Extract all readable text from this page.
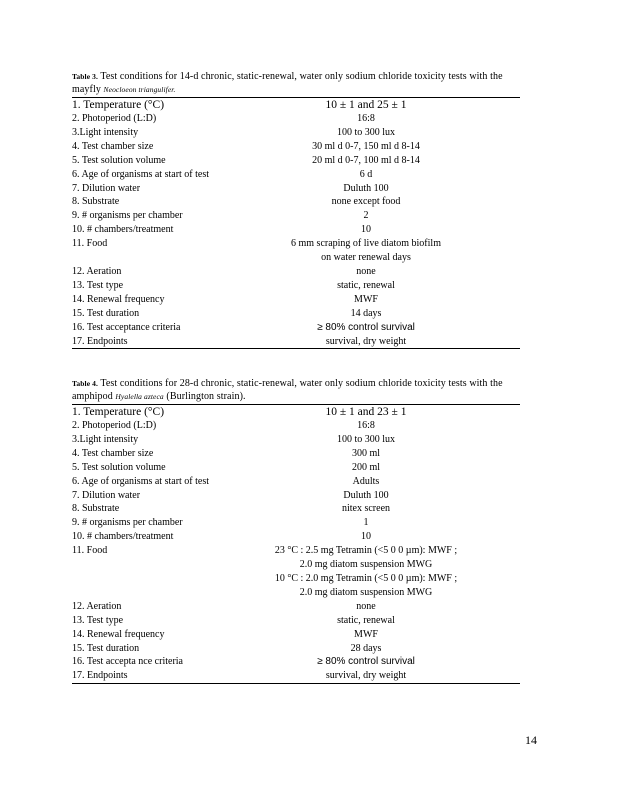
Table 3. Test conditions for 14-d chronic, static-renewal, water only sodium chloride toxicity tests with the mayfly Neocloeon triangulifer.
1. Temperature (°C)	10 ± 1 and 25 ± 1
2. Photoperiod (L:D)	16:8
3.Light intensity	100 to 300 lux
4. Test chamber size	30 ml d 0-7, 150 ml d 8-14
5. Test solution volume	20 ml d 0-7, 100 ml d 8-14
6. Age of organisms at start of test	6 d
7. Dilution water	Duluth 100
8. Substrate	none except food
9. # organisms per chamber	2
10. # chambers/treatment	10
11. Food	6 mm scraping of live diatom biofilm
	on water renewal days
12. Aeration	none
13. Test type	static, renewal
14. Renewal frequency	MWF
15. Test duration	14 days
16. Test acceptance criteria	≥ 80% control survival
17. Endpoints	survival, dry weight
Table 4. Test conditions for 28-d chronic, static-renewal, water only sodium chloride toxicity tests with the amphipod Hyalella azteca (Burlington strain).
1. Temperature (°C)	10 ± 1 and 23 ± 1
2. Photoperiod (L:D)	16:8
3.Light intensity	100 to 300 lux
4. Test chamber size	300 ml
5. Test solution volume	200 ml
6. Age of organisms at start of test	Adults
7. Dilution water	Duluth 100
8. Substrate	nitex screen
9. # organisms per chamber	1
10. # chambers/treatment	10
11. Food	23 °C : 2.5 mg Tetramin (<5 0 0 µm): MWF ;
	2.0 mg diatom suspension MWG
	10 °C : 2.0 mg Tetramin (<5 0 0 µm): MWF ;
	2.0 mg diatom suspension MWG
12. Aeration	none
13. Test type	static, renewal
14. Renewal frequency	MWF
15. Test duration	28 days
16. Test accepta nce criteria	≥ 80% control survival
17. Endpoints	survival, dry weight
14
